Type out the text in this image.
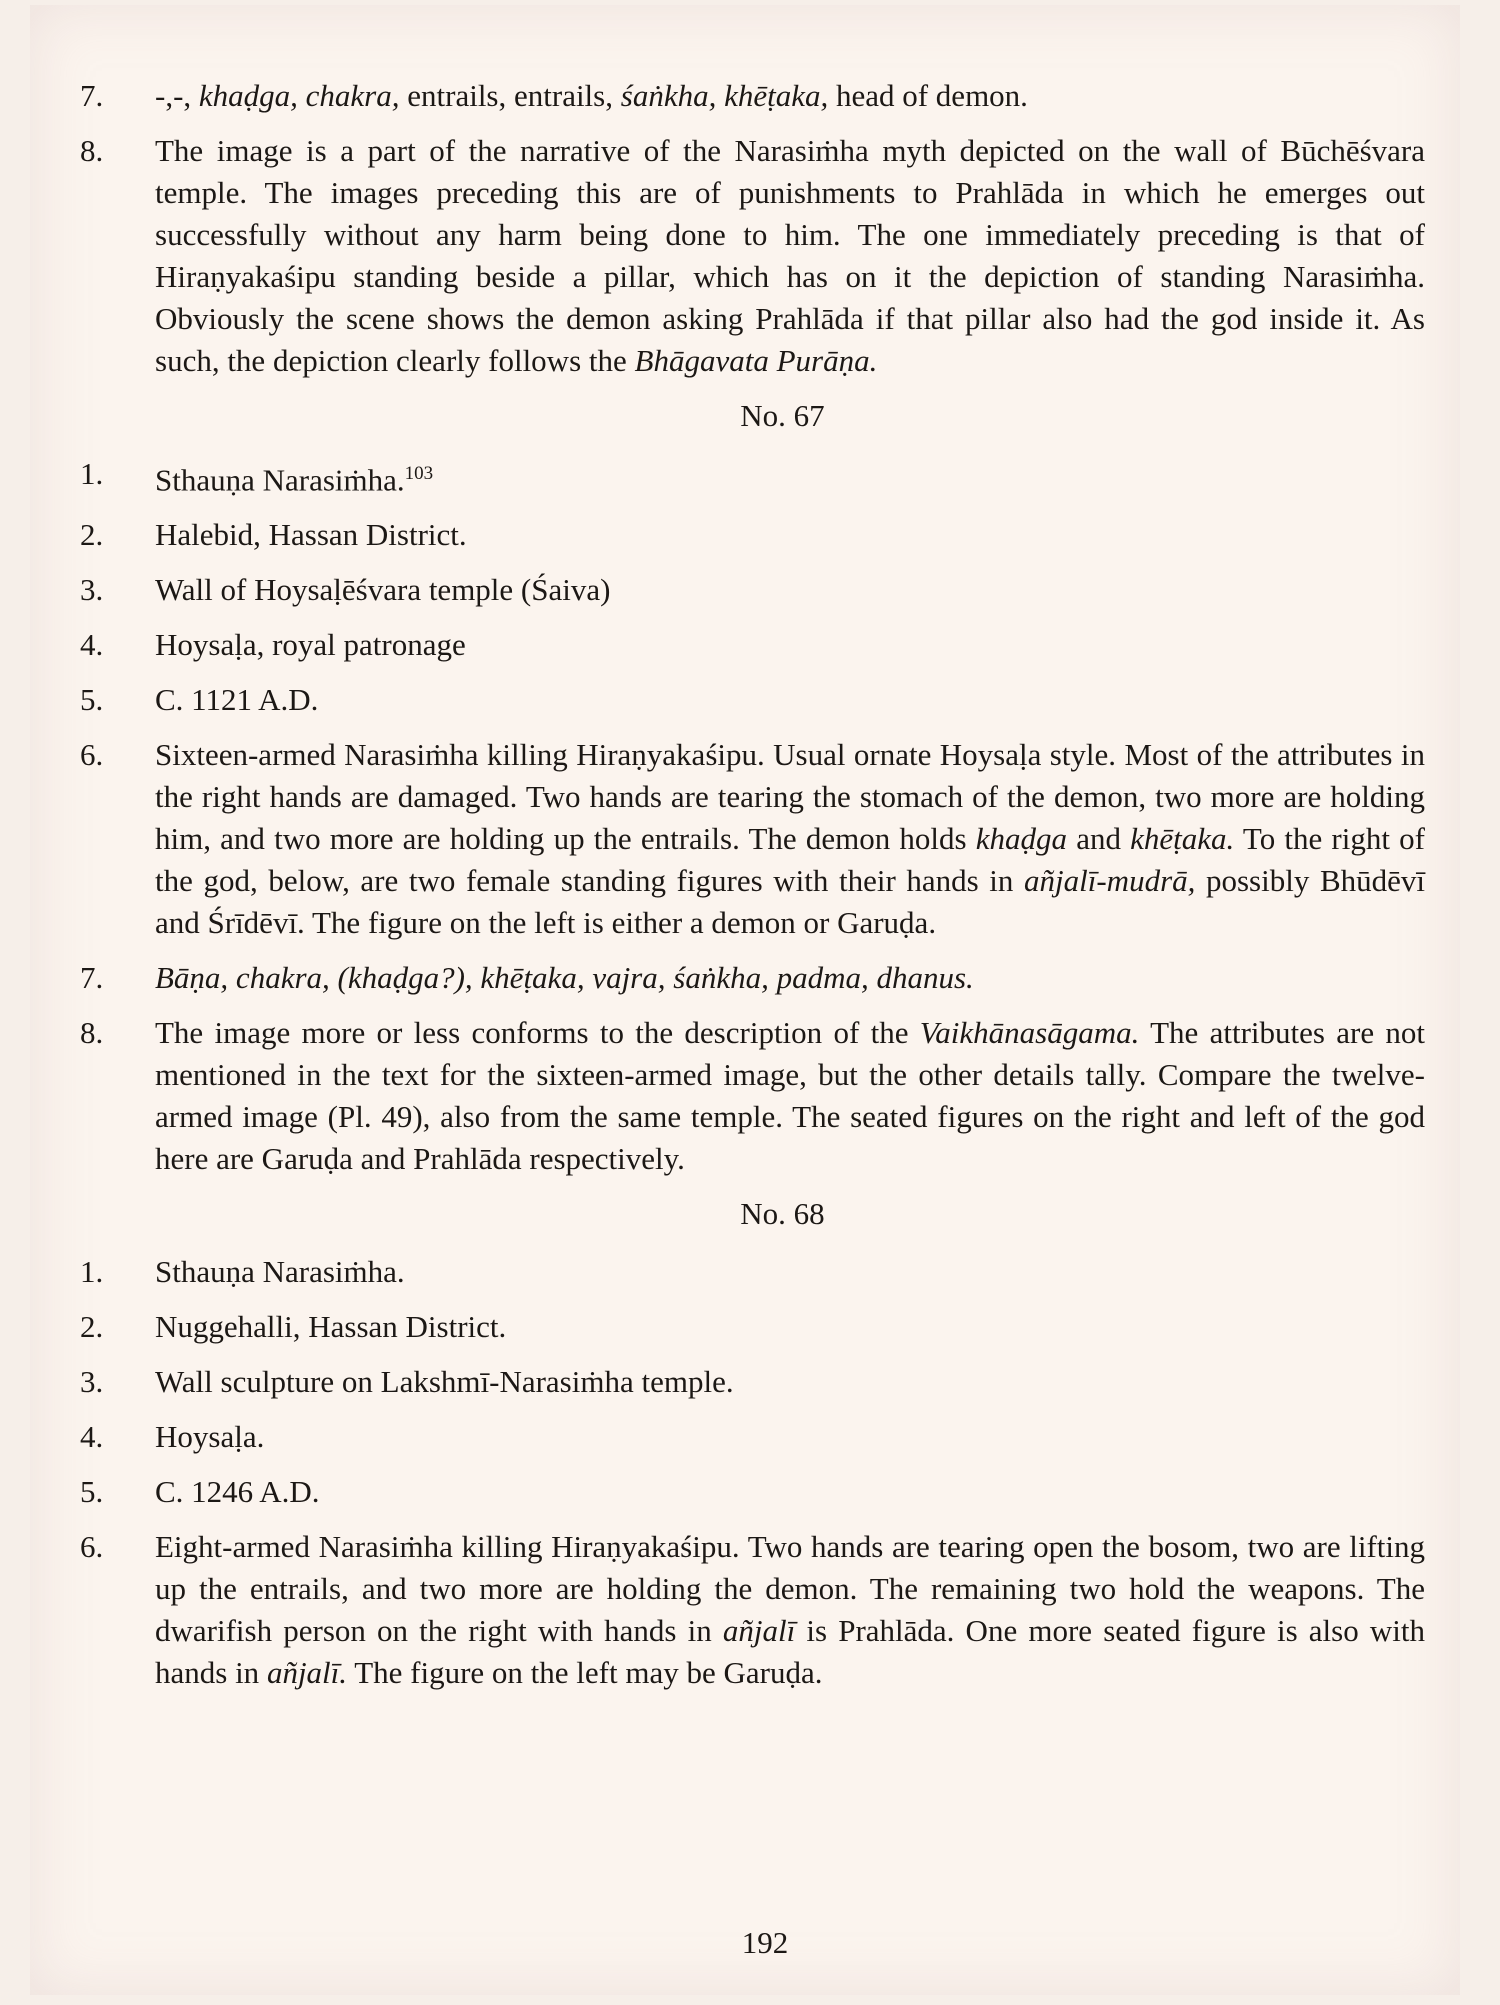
7.	-,-, khaḍga, chakra, entrails, entrails, śaṅkha, khēṭaka, head of demon.
8.	The image is a part of the narrative of the Narasiṁha myth depicted on the wall of Būchēśvara temple. The images preceding this are of punishments to Prahlāda in which he emerges out successfully without any harm being done to him. The one immediately preceding is that of Hiraṇyakaśipu standing beside a pillar, which has on it the depiction of standing Narasiṁha. Obviously the scene shows the demon asking Prahlāda if that pillar also had the god inside it. As such, the depiction clearly follows the Bhāgavata Purāṇa.
No. 67
1.	Sthauṇa Narasiṁha.$^{103}$
2.	Halebid, Hassan District.
3.	Wall of Hoysaḷēśvara temple (Śaiva)
4.	Hoysaḷa, royal patronage
5.	C. 1121 A.D.
6.	Sixteen-armed Narasiṁha killing Hiraṇyakaśipu. Usual ornate Hoysaḷa style. Most of the attributes in the right hands are damaged. Two hands are tearing the stomach of the demon, two more are holding him, and two more are holding up the entrails. The demon holds khaḍga and khēṭaka. To the right of the god, below, are two female standing figures with their hands in añjalī-mudrā, possibly Bhūdēvī and Śrīdēvī. The figure on the left is either a demon or Garuḍa.
7.	Bāṇa, chakra, (khaḍga?), khēṭaka, vajra, śaṅkha, padma, dhanus.
8.	The image more or less conforms to the description of the Vaikhānasāgama. The attributes are not mentioned in the text for the sixteen-armed image, but the other details tally. Compare the twelve-armed image (Pl. 49), also from the same temple. The seated figures on the right and left of the god here are Garuḍa and Prahlāda respectively.
No. 68
1.	Sthauṇa Narasiṁha.
2.	Nuggehalli, Hassan District.
3.	Wall sculpture on Lakshmī-Narasiṁha temple.
4.	Hoysaḷa.
5.	C. 1246 A.D.
6.	Eight-armed Narasiṁha killing Hiraṇyakaśipu. Two hands are tearing open the bosom, two are lifting up the entrails, and two more are holding the demon. The remaining two hold the weapons. The dwarifish person on the right with hands in añjalī is Prahlāda. One more seated figure is also with hands in añjalī. The figure on the left may be Garuḍa.
192
